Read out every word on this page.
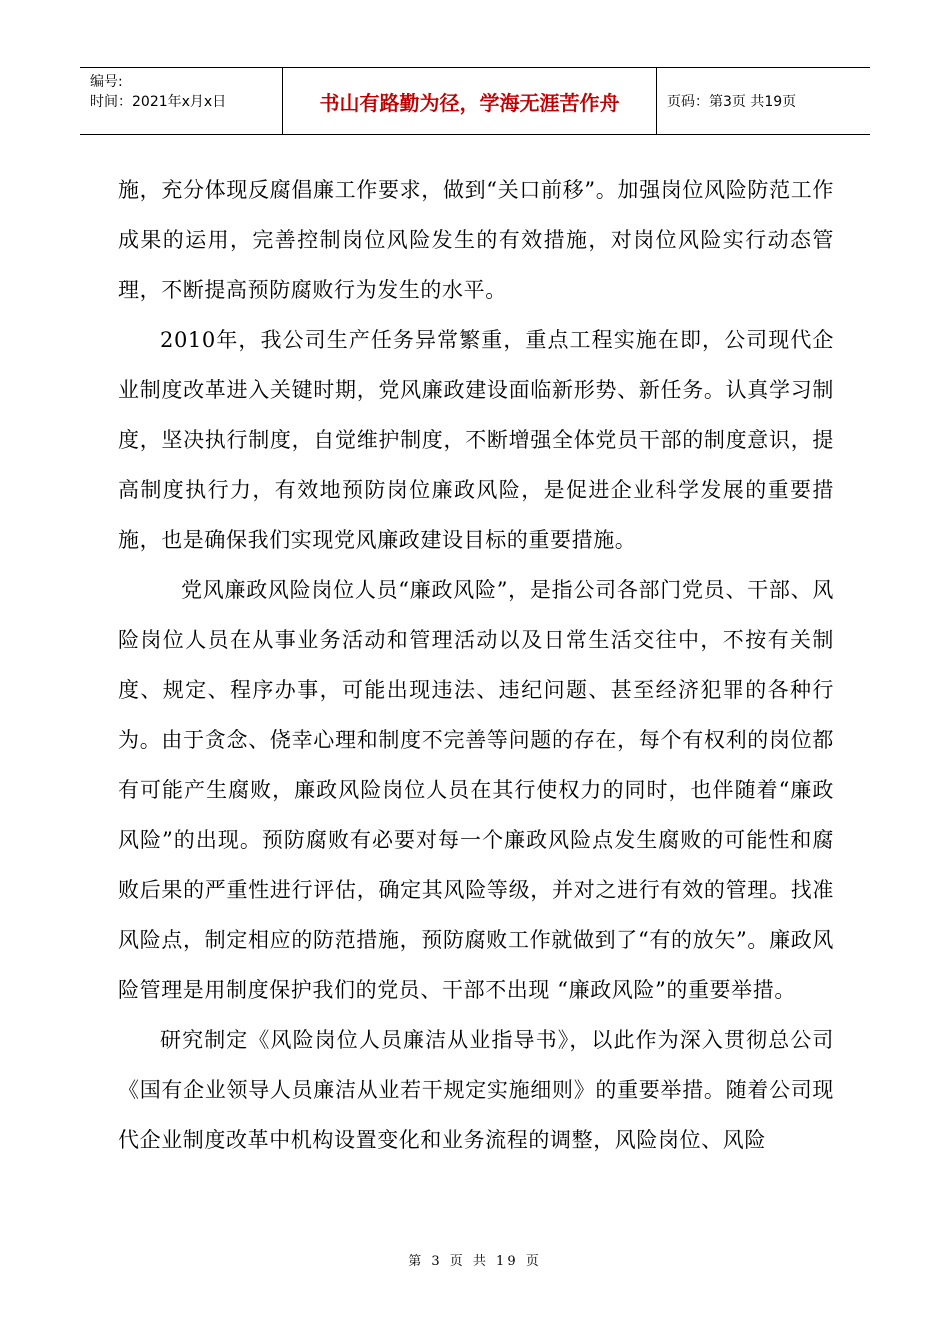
编号:
时间：2021年x月x日	书山有路勤为径，学海无涯苦作舟	页码：第3页 共19页

施，充分体现反腐倡廉工作要求，做到“关口前移”。加强岗位风险防范工作成果的运用，完善控制岗位风险发生的有效措施，对岗位风险实行动态管理，不断提高预防腐败行为发生的水平。

2010年，我公司生产任务异常繁重，重点工程实施在即，公司现代企业制度改革进入关键时期，党风廉政建设面临新形势、新任务。认真学习制度，坚决执行制度，自觉维护制度，不断增强全体党员干部的制度意识，提高制度执行力，有效地预防岗位廉政风险，是促进企业科学发展的重要措施，也是确保我们实现党风廉政建设目标的重要措施。

党风廉政风险岗位人员“廉政风险”，是指公司各部门党员、干部、风险岗位人员在从事业务活动和管理活动以及日常生活交往中，不按有关制度、规定、程序办事，可能出现违法、违纪问题、甚至经济犯罪的各种行为。由于贪念、侥幸心理和制度不完善等问题的存在，每个有权利的岗位都有可能产生腐败，廉政风险岗位人员在其行使权力的同时，也伴随着“廉政风险”的出现。预防腐败有必要对每一个廉政风险点发生腐败的可能性和腐败后果的严重性进行评估，确定其风险等级，并对之进行有效的管理。找准风险点，制定相应的防范措施，预防腐败工作就做到了“有的放矢”。廉政风险管理是用制度保护我们的党员、干部不出现 “廉政风险”的重要举措。

研究制定《风险岗位人员廉洁从业指导书》，以此作为深入贯彻总公司《国有企业领导人员廉洁从业若干规定实施细则》的重要举措。随着公司现代企业制度改革中机构设置变化和业务流程的调整，风险岗位、风险

第 3 页 共 19 页
